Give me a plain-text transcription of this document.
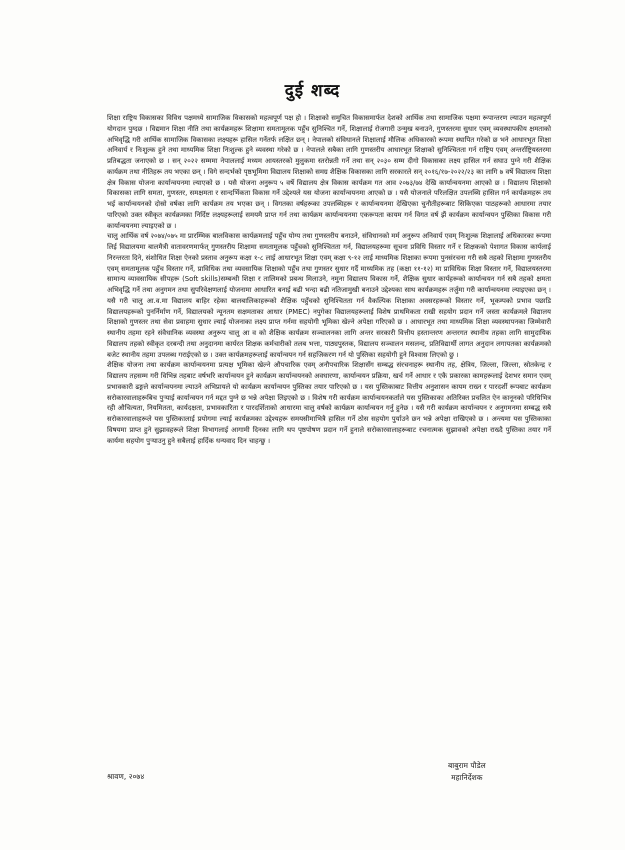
दुई शब्द

शिक्षा राष्ट्रिय विकासका विविध पक्षमध्ये सामाजिक विकासको महत्वपूर्ण पक्ष हो । शिक्षाको समुचित विकासमार्फत देशको आर्थिक तथा सामाजिक पक्षमा रूपान्तरण ल्याउन महत्वपूर्ण योगदान पुग्दछ । विद्यमान शिक्षा नीति तथा कार्यक्रमहरू शिक्षामा समतामूलक पहुँच सुनिश्चित गर्ने, शिक्षालाई रोजगारी उन्मुख बनाउने, गुणस्तरमा सुधार एवम् व्यवस्थापकीय क्षमताको अभिवृद्धि गरी आर्थिक सामाजिक विकासका लक्ष्यहरू हासिल गर्नेतर्फ लक्षित छन् । नेपालको संविधानले शिक्षालाई मौलिक अधिकारको रूपमा स्थापित गरेको छ भने आधारभूत शिक्षा अनिवार्य र निःशुल्क हुने तथा माध्यमिक शिक्षा निःशुल्क हुने व्यवस्था गरेको छ । नेपालले सबैका लागि गुणस्तरीय आधारभूत शिक्षाको सुनिश्चितता गर्न राष्ट्रिय एवम् अन्तर्राष्ट्रियस्तरमा प्रतिबद्धता जनाएको छ । सन् २०२२ सम्ममा नेपाललाई मध्यम आयस्तरको मुलुकमा स्तरोन्नती गर्ने तथा सन् २०३० सम्म दीगो विकासका लक्ष्य हासिल गर्न सघाउ पुग्ने गरी शैक्षिक कार्यक्रम तथा नीतिहरू तय भएका छन् । विगे सन्दर्भको पृष्ठभूमिमा विद्यालय शिक्षाको समग्र शैक्षिक विकासका लागि सरकारले सन् २०१६/१७-२०२२/२३ का लागि ७ वर्षे विद्यालय शिक्षा क्षेत्र विकास योजना कार्यान्वयनमा ल्याएको छ । यसै योजना अनुरूप ५ वर्षे विद्यालय क्षेत्र विकास कार्यक्रम गत आव २०७३/७४ देखि कार्यान्वयनमा आएको छ । विद्यालय शिक्षाको विकासका लागि समता, गुणस्तर, समक्षमता र सान्दर्भिकता विकास गर्ने उद्देश्यले यस योजना कार्यान्वयनमा आएको छ । यसै योजनाले परिलक्षित उपलब्धि हासिल गर्न कार्यक्रमहरू तय भई कार्यान्वयनको दोस्रो वर्षका लागि कार्यक्रम तय भएका छन् । विगतका वर्षहरूका उपलब्धिहरू र कार्यान्वयनमा देखिएका चुनौतीहरूबाट सिकिएका पाठहरूको आधारमा तयार पारिएको उक्त स्वीकृत कार्यक्रमका निर्दिष्ट लक्ष्यहरूलाई समयमै प्राप्त गर्न तथा कार्यक्रम कार्यान्वयनमा एकरूपता कायम गर्न विगत वर्ष झैं कार्यक्रम कार्यान्वयन पुस्तिका विकास गरी कार्यान्वयनमा ल्याइएको छ ।

चालु आर्थिक वर्ष २०७४/०७५ मा प्रारम्भिक बालविकास कार्यक्रमलाई पहुँच योग्य तथा गुणस्तरीय बनाउने, संविधानको मर्म अनुरूप अनिवार्य एवम् निःशुल्क शिक्षालाई अधिकारका रूपमा लिई विद्यालयमा बालमैत्री वातावरणमार्फत् गुणस्तरीय शिक्षामा समतामूलक पहुँचको सुनिश्चितता गर्न, विद्यालयहरूमा सूचना प्रविधि विस्तार गर्ने र शिक्षकको पेशागत विकास कार्यलाई निरन्तरता दिने, संशोधित शिक्षा ऐनको प्रस्ताव अनुरूप कक्षा १-८ लाई आधारभूत शिक्षा एवम् कक्षा ९-१२ लाई माध्यमिक शिक्षाका रूपमा पुनसंरचना गरी सबै तहको शिक्षामा गुणस्तरीय एवम् समतामूलक पहुँच विस्तार गर्ने, प्राविधिक तथा व्यवसायिक शिक्षाको पहुँच तथा गुणस्तर सुधार गर्दै माध्यमिक तह (कक्षा ११-१२) मा प्राविधिक शिक्षा विस्तार गर्ने, विद्यालयस्तरमा सामान्य व्यावसायिक सीपहरू (Soft skills)सम्बन्धी शिक्षा र तालिमको प्रबन्ध मिलाउने, नमुना विद्यालय विकास गर्ने, शैक्षिक सुधार कार्यहरूको कार्यान्वयन गर्न सबै तहको क्षमता अभिवृद्धि गर्ने तथा अनुगमन तथा सुपरिवेक्षणलाई योजनामा आधारित बनाई बढी भन्दा बढी नतिजामुखी बनाउने उद्देश्यका साथ कार्यक्रमहरू तर्जुमा गरी कार्यान्वयनमा ल्याइएका छन् । यसै गरी चालु आ.व.मा विद्यालय बाहिर रहेका बालबालिकाहरूको शैक्षिक पहुँचको सुनिश्चितता गर्न वैकल्पिक शिक्षाका अवसरहरूको विस्तार गर्ने, भूकम्पको प्रभाव पछाडि विद्यालयहरूको पुनर्निर्माण गर्ने, विद्यालयको न्यूनतम सक्षमताका आधार (PMEC) नपुगेका विद्यालयहरूलाई विशेष प्राथमिकता राखी सहयोग प्रदान गर्ने जस्ता कार्यक्रमले विद्यालय शिक्षाको गुणस्तर तथा सेवा प्रवाहमा सुधार ल्याई योजनाका लक्ष्य प्राप्त गर्नमा सहयोगी भूमिका खेल्ने अपेक्षा गरिएको छ । आधारभूत तथा माध्यमिक शिक्षा व्यवस्थापनका जिम्मेवारी स्थानीय तहमा रहने संवैधानिक व्यवस्था अनुरूप चालु आ व को शैक्षिक कार्यक्रम सञ्चालनका लागि अन्तर सरकारी वित्तीय हस्तान्तरण अन्तरगत स्थानीय तहका लागि सामुदायिक विद्यालय तहको स्वीकृत दरबन्दी तथा अनुदानमा कार्यरत शिक्षक कर्मचारीको तलब भत्ता, पाठ्यपुस्तक, विद्यालय सञ्चालन मसलन्द, प्रतिविद्यार्थी लागत अनुदान लगायतका कार्यक्रमको बजेट स्थानीय तहमा उपलब्ध गराईएको छ । उक्त कार्यक्रमहरूलाई कार्यान्वयन गर्न सहजिकरण गर्न यो पुस्तिका सहयोगी हुने विश्वास लिएको छु ।

शैक्षिक योजना तथा कार्यक्रम कार्यान्वयनमा प्रत्यक्ष भूमिका खेल्ने औपचारिक एवम् अनौपचारिक शिक्षासँग सम्बद्ध संरचनाहरू स्थानीय तह, क्षेत्रिय, जिल्ला, जिल्ला, स्रोतकेन्द्र र विद्यालय तहसम्म गरी विभिन्न तहबाट वर्षभरि कार्यान्वयन हुने कार्यक्रम कार्यान्वयनको अवधारणा, कार्यान्वयन प्रक्रिया, खर्च गर्ने आधार र एकै प्रकारका कामहरूलाई देशभर समान एवम् प्रभावकारी ढङ्गले कार्यान्वयनमा ल्याउने अभिप्रायले यो कार्यक्रम कार्यान्वयन पुस्तिका तयार पारिएको छ । यस पुस्तिकाबाट वित्तीय अनुशासन कायम राख्न र पारदर्शी रूपबाट कार्यक्रम सरोकारवालाहरूबिच पुऱ्याई कार्यान्वयन गर्न मद्दत पुग्ने छ भन्ने अपेक्षा लिइएको छ । विशेष गरी कार्यक्रम कार्यान्वयनकर्ताले यस पुस्तिकाका अतिरिक्त प्रचलित ऐन कानूनको परिधिभित्र रही औचित्यता, नियमितता, कार्यदक्षता, प्रभावकारिता र पारदर्शिताको आधारमा चालु वर्षको कार्यक्रम कार्यान्वयन गर्नु हुनेछ । यसै गरी कार्यक्रम कार्यान्वयन र अनुगमनमा सम्बद्ध सबै सरोकारवालाहरूले यस पुस्तिकालाई प्रयोगमा ल्याई कार्यक्रमका उद्देश्यहरू समयसीमाभित्रै हासिल गर्ने ठोस सहयोग पुर्याउने छन भन्ने अपेक्षा राखिएको छ । अन्त्यमा यस पुस्तिकाका विषयमा प्राप्त हुने सुझावहरूले शिक्षा विभागलाई आगामी दिनका लागि थप पृष्ठपोषण प्रदान गर्ने हुनाले सरोकारवालाहरूबाट रचनात्मक सुझावको अपेक्षा राख्दै पुस्तिका तयार गर्ने कार्यमा सहयोग पुऱ्याउनु हुने सबैलाई हार्दिक धन्यवाद दिन चाहन्छु ।

श्रावण, २०७४
बाबुराम पौडेल
महानिर्देशक
